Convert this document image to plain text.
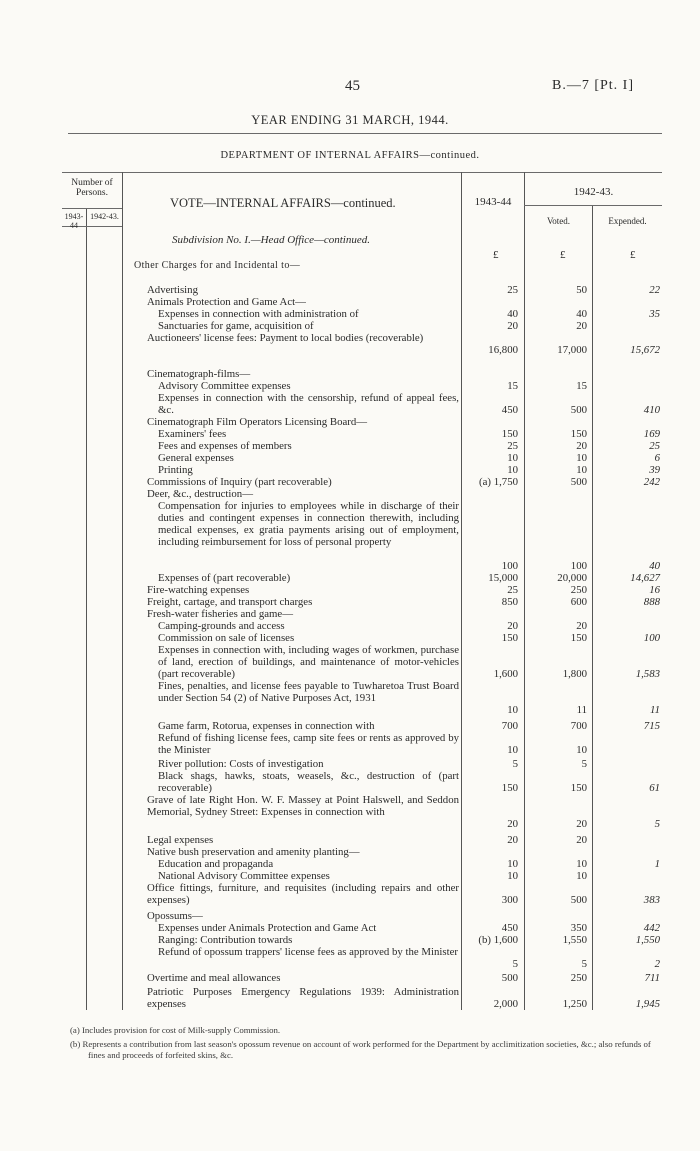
45	B.—7 [Pt. I]
YEAR ENDING 31 MARCH, 1944.
DEPARTMENT OF INTERNAL AFFAIRS—continued.
Number of Persons.
1943-44
1942-43.
VOTE—INTERNAL AFFAIRS—continued.	1943-44
1942-43.
Voted.	Expended.
Subdivision No. I.—Head Office—continued.
Other Charges for and Incidental to—
£	£	£
Advertising	25	50	22
Animals Protection and Game Act—
Expenses in connection with administration of	40	40	35
Sanctuaries for game, acquisition of	20	20
Auctioneers' license fees: Payment to local bodies (recoverable)
16,800	17,000	15,672
Cinematograph-films—
Advisory Committee expenses	15	15
Expenses in connection with the censorship, refund of appeal fees, &c.	450	500	410
Cinematograph Film Operators Licensing Board—
Examiners' fees	150	150	169
Fees and expenses of members	25	20	25
General expenses	10	10	6
Printing	10	10	39
Commissions of Inquiry (part recoverable)	(a) 1,750	500	242
Deer, &c., destruction—
Compensation for injuries to employees while in discharge of their duties and contingent expenses in connection therewith, including medical expenses, ex gratia payments arising out of employment, including reimbursement for loss of personal property
100	100	40
Expenses of (part recoverable)	15,000	20,000	14,627
Fire-watching expenses	25	250	16
Freight, cartage, and transport charges	850	600	888
Fresh-water fisheries and game—
Camping-grounds and access	20	20
Commission on sale of licenses	150	150	100
Expenses in connection with, including wages of workmen, purchase of land, erection of buildings, and maintenance of motor-vehicles (part recoverable)	1,600	1,800	1,583
Fines, penalties, and license fees payable to Tuwharetoa Trust Board under Section 54 (2) of Native Purposes Act, 1931
10	11	11
Game farm, Rotorua, expenses in connection with	700	700	715
Refund of fishing license fees, camp site fees or rents as approved by the Minister	10	10
River pollution: Costs of investigation	5	5
Black shags, hawks, stoats, weasels, &c., destruction of (part recoverable)	150	150	61
Grave of late Right Hon. W. F. Massey at Point Halswell, and Seddon Memorial, Sydney Street: Expenses in connection with
20	20	5
Legal expenses	20	20
Native bush preservation and amenity planting—
Education and propaganda	10	10	1
National Advisory Committee expenses	10	10
Office fittings, furniture, and requisites (including repairs and other expenses)	300	500	383
Opossums—
Expenses under Animals Protection and Game Act	450	350	442
Ranging: Contribution towards	(b) 1,600	1,550	1,550
Refund of opossum trappers' license fees as approved by the Minister
5	5	2
Overtime and meal allowances	500	250	711
Patriotic Purposes Emergency Regulations 1939: Administration expenses	2,000	1,250	1,945
(a) Includes provision for cost of Milk-supply Commission.
(b) Represents a contribution from last season's opossum revenue on account of work performed for the Department by acclimitization societies, &c.; also refunds of fines and proceeds of forfeited skins, &c.
